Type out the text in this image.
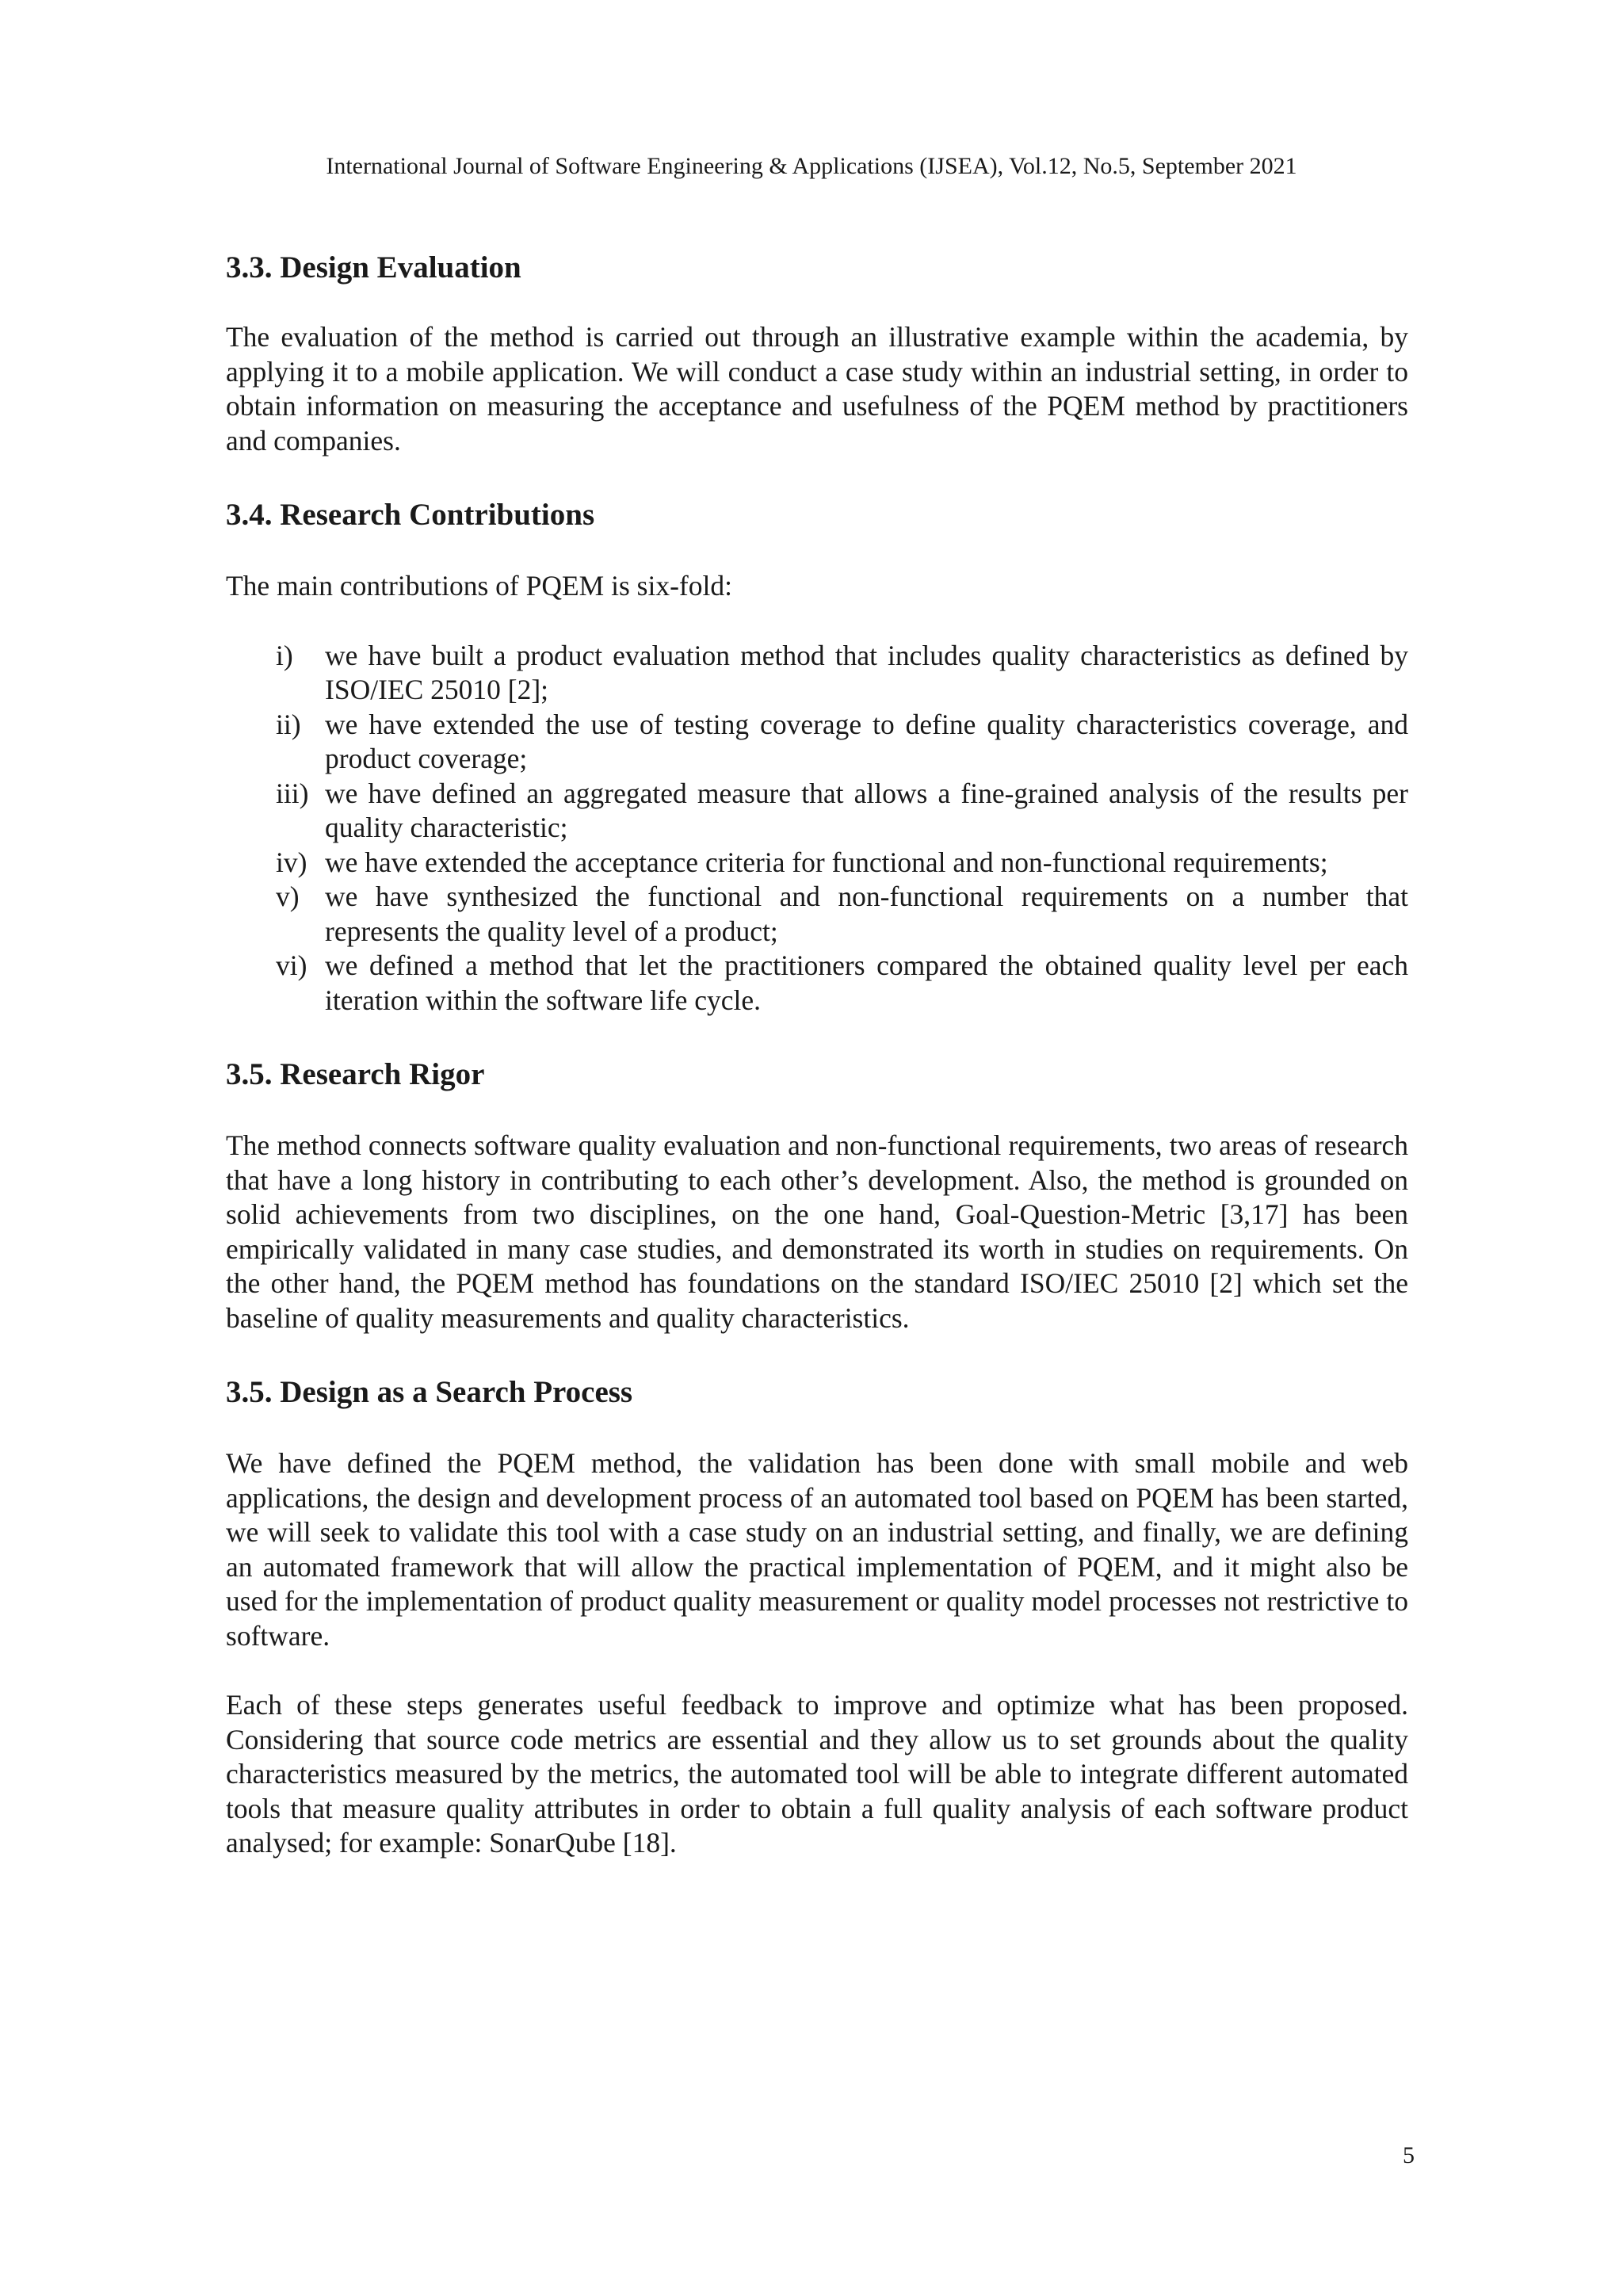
International Journal of Software Engineering & Applications (IJSEA), Vol.12, No.5, September 2021
3.3. Design Evaluation

The evaluation of the method is carried out through an illustrative example within the academia, by applying it to a mobile application. We will conduct a case study within an industrial setting, in order to obtain information on measuring the acceptance and usefulness of the PQEM method by practitioners and companies.

3.4. Research Contributions

The main contributions of PQEM is six-fold:

i) we have built a product evaluation method that includes quality characteristics as defined by ISO/IEC 25010 [2];
ii) we have extended the use of testing coverage to define quality characteristics coverage, and product coverage;
iii) we have defined an aggregated measure that allows a fine-grained analysis of the results per quality characteristic;
iv) we have extended the acceptance criteria for functional and non-functional requirements;
v) we have synthesized the functional and non-functional requirements on a number that represents the quality level of a product;
vi) we defined a method that let the practitioners compared the obtained quality level per each iteration within the software life cycle.
3.5. Research Rigor

The method connects software quality evaluation and non-functional requirements, two areas of research that have a long history in contributing to each other’s development. Also, the method is grounded on solid achievements from two disciplines, on the one hand, Goal-Question-Metric [3,17] has been empirically validated in many case studies, and demonstrated its worth in studies on requirements. On the other hand, the PQEM method has foundations on the standard ISO/IEC 25010 [2] which set the baseline of quality measurements and quality characteristics.

3.5. Design as a Search Process

We have defined the PQEM method, the validation has been done with small mobile and web applications, the design and development process of an automated tool based on PQEM has been started, we will seek to validate this tool with a case study on an industrial setting, and finally, we are defining an automated framework that will allow the practical implementation of PQEM, and it might also be used for the implementation of product quality measurement or quality model processes not restrictive to software.

Each of these steps generates useful feedback to improve and optimize what has been proposed. Considering that source code metrics are essential and they allow us to set grounds about the quality characteristics measured by the metrics, the automated tool will be able to integrate different automated tools that measure quality attributes in order to obtain a full quality analysis of each software product analysed; for example: SonarQube [18].

5
